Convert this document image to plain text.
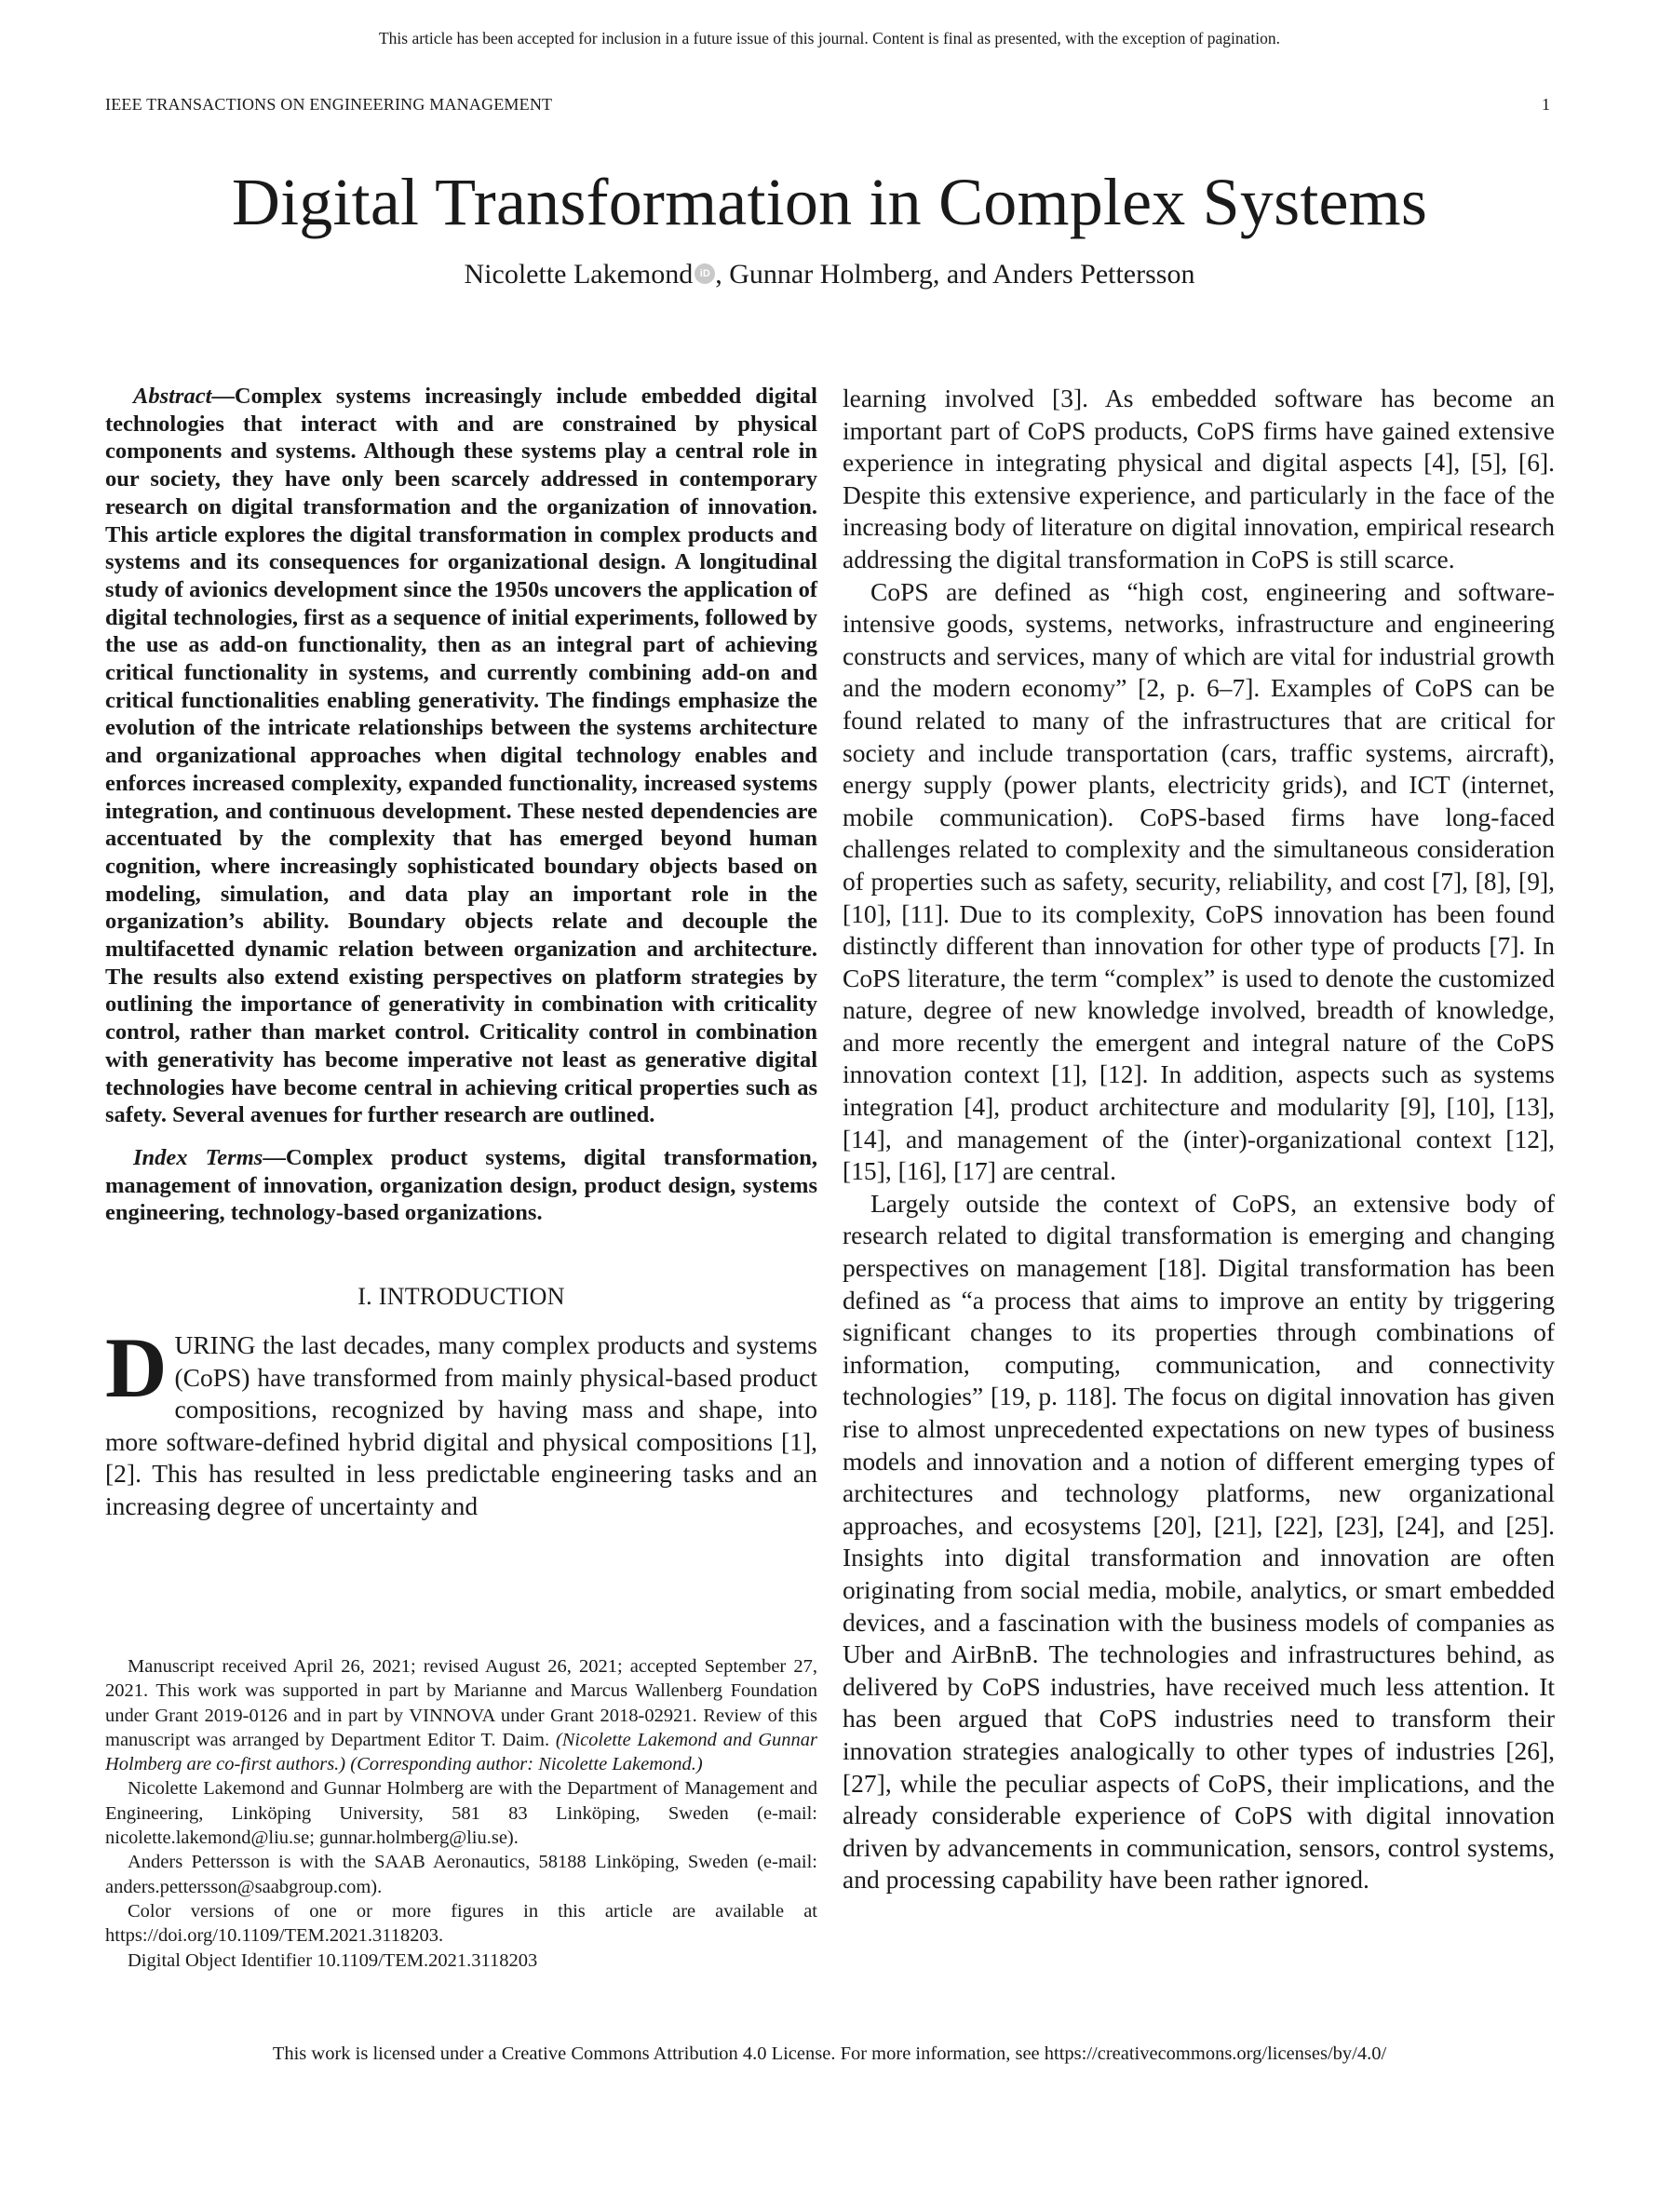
This article has been accepted for inclusion in a future issue of this journal. Content is final as presented, with the exception of pagination.
IEEE TRANSACTIONS ON ENGINEERING MANAGEMENT	1
Digital Transformation in Complex Systems
Nicolette Lakemond iD , Gunnar Holmberg, and Anders Pettersson

Abstract—Complex systems increasingly include embedded digital technologies that interact with and are constrained by physical components and systems. Although these systems play a central role in our society, they have only been scarcely addressed in contemporary research on digital transformation and the organization of innovation. This article explores the digital transformation in complex products and systems and its consequences for organizational design. A longitudinal study of avionics development since the 1950s uncovers the application of digital technologies, first as a sequence of initial experiments, followed by the use as add-on functionality, then as an integral part of achieving critical functionality in systems, and currently combining add-on and critical functionalities enabling generativity. The findings emphasize the evolution of the intricate relationships between the systems architecture and organizational approaches when digital technology enables and enforces increased complexity, expanded functionality, increased systems integration, and continuous development. These nested dependencies are accentuated by the complexity that has emerged beyond human cognition, where increasingly sophisticated boundary objects based on modeling, simulation, and data play an important role in the organization’s ability. Boundary objects relate and decouple the multifacetted dynamic relation between organization and architecture. The results also extend existing perspectives on platform strategies by outlining the importance of generativity in combination with criticality control, rather than market control. Criticality control in combination with generativity has become imperative not least as generative digital technologies have become central in achieving critical properties such as safety. Several avenues for further research are outlined.

Index Terms—Complex product systems, digital transformation, management of innovation, organization design, product design, systems engineering, technology-based organizations.

I. INTRODUCTION

DURING the last decades, many complex products and systems (CoPS) have transformed from mainly physical-based product compositions, recognized by having mass and shape, into more software-defined hybrid digital and physical compositions [1], [2]. This has resulted in less predictable engineering tasks and an increasing degree of uncertainty and

Manuscript received April 26, 2021; revised August 26, 2021; accepted September 27, 2021. This work was supported in part by Marianne and Marcus Wallenberg Foundation under Grant 2019-0126 and in part by VINNOVA under Grant 2018-02921. Review of this manuscript was arranged by Department Editor T. Daim. (Nicolette Lakemond and Gunnar Holmberg are co-first authors.) (Corresponding author: Nicolette Lakemond.)

Nicolette Lakemond and Gunnar Holmberg are with the Department of Management and Engineering, Linköping University, 581 83 Linköping, Sweden (e-mail: nicolette.lakemond@liu.se; gunnar.holmberg@liu.se).

Anders Pettersson is with the SAAB Aeronautics, 58188 Linköping, Sweden (e-mail: anders.pettersson@saabgroup.com).

Color versions of one or more figures in this article are available at https://doi.org/10.1109/TEM.2021.3118203.

Digital Object Identifier 10.1109/TEM.2021.3118203

learning involved [3]. As embedded software has become an important part of CoPS products, CoPS firms have gained extensive experience in integrating physical and digital aspects [4], [5], [6]. Despite this extensive experience, and particularly in the face of the increasing body of literature on digital innovation, empirical research addressing the digital transformation in CoPS is still scarce.

CoPS are defined as “high cost, engineering and software-intensive goods, systems, networks, infrastructure and engineering constructs and services, many of which are vital for industrial growth and the modern economy” [2, p. 6–7]. Examples of CoPS can be found related to many of the infrastructures that are critical for society and include transportation (cars, traffic systems, aircraft), energy supply (power plants, electricity grids), and ICT (internet, mobile communication). CoPS-based firms have long-faced challenges related to complexity and the simultaneous consideration of properties such as safety, security, reliability, and cost [7], [8], [9], [10], [11]. Due to its complexity, CoPS innovation has been found distinctly different than innovation for other type of products [7]. In CoPS literature, the term “complex” is used to denote the customized nature, degree of new knowledge involved, breadth of knowledge, and more recently the emergent and integral nature of the CoPS innovation context [1], [12]. In addition, aspects such as systems integration [4], product architecture and modularity [9], [10], [13], [14], and management of the (inter)-organizational context [12], [15], [16], [17] are central.

Largely outside the context of CoPS, an extensive body of research related to digital transformation is emerging and changing perspectives on management [18]. Digital transformation has been defined as “a process that aims to improve an entity by triggering significant changes to its properties through combinations of information, computing, communication, and connectivity technologies” [19, p. 118]. The focus on digital innovation has given rise to almost unprecedented expectations on new types of business models and innovation and a notion of different emerging types of architectures and technology platforms, new organizational approaches, and ecosystems [20], [21], [22], [23], [24], and [25]. Insights into digital transformation and innovation are often originating from social media, mobile, analytics, or smart embedded devices, and a fascination with the business models of companies as Uber and AirBnB. The technologies and infrastructures behind, as delivered by CoPS industries, have received much less attention. It has been argued that CoPS industries need to transform their innovation strategies analogically to other types of industries [26], [27], while the peculiar aspects of CoPS, their implications, and the already considerable experience of CoPS with digital innovation driven by advancements in communication, sensors, control systems, and processing capability have been rather ignored.

This work is licensed under a Creative Commons Attribution 4.0 License. For more information, see https://creativecommons.org/licenses/by/4.0/
